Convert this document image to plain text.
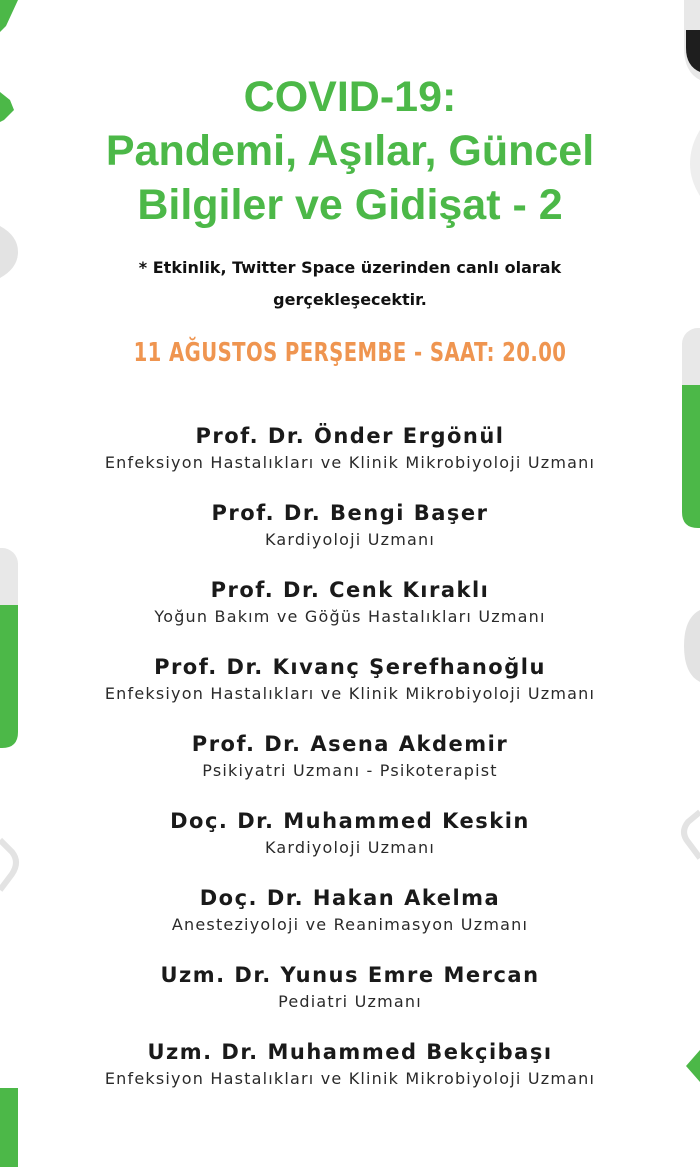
COVID-19:
Pandemi, Aşılar, Güncel
Bilgiler ve Gidişat - 2

* Etkinlik, Twitter Space üzerinden canlı olarak
gerçekleşecektir.

11 AĞUSTOS PERŞEMBE - SAAT: 20.00
Prof. Dr. Önder Ergönül
Enfeksiyon Hastalıkları ve Klinik Mikrobiyoloji Uzmanı
Prof. Dr. Bengi Başer
Kardiyoloji Uzmanı
Prof. Dr. Cenk Kıraklı
Yoğun Bakım ve Göğüs Hastalıkları Uzmanı
Prof. Dr. Kıvanç Şerefhanoğlu
Enfeksiyon Hastalıkları ve Klinik Mikrobiyoloji Uzmanı
Prof. Dr. Asena Akdemir
Psikiyatri Uzmanı - Psikoterapist
Doç. Dr. Muhammed Keskin
Kardiyoloji Uzmanı
Doç. Dr. Hakan Akelma
Anesteziyoloji ve Reanimasyon Uzmanı
Uzm. Dr. Yunus Emre Mercan
Pediatri Uzmanı
Uzm. Dr. Muhammed Bekçibaşı
Enfeksiyon Hastalıkları ve Klinik Mikrobiyoloji Uzmanı
